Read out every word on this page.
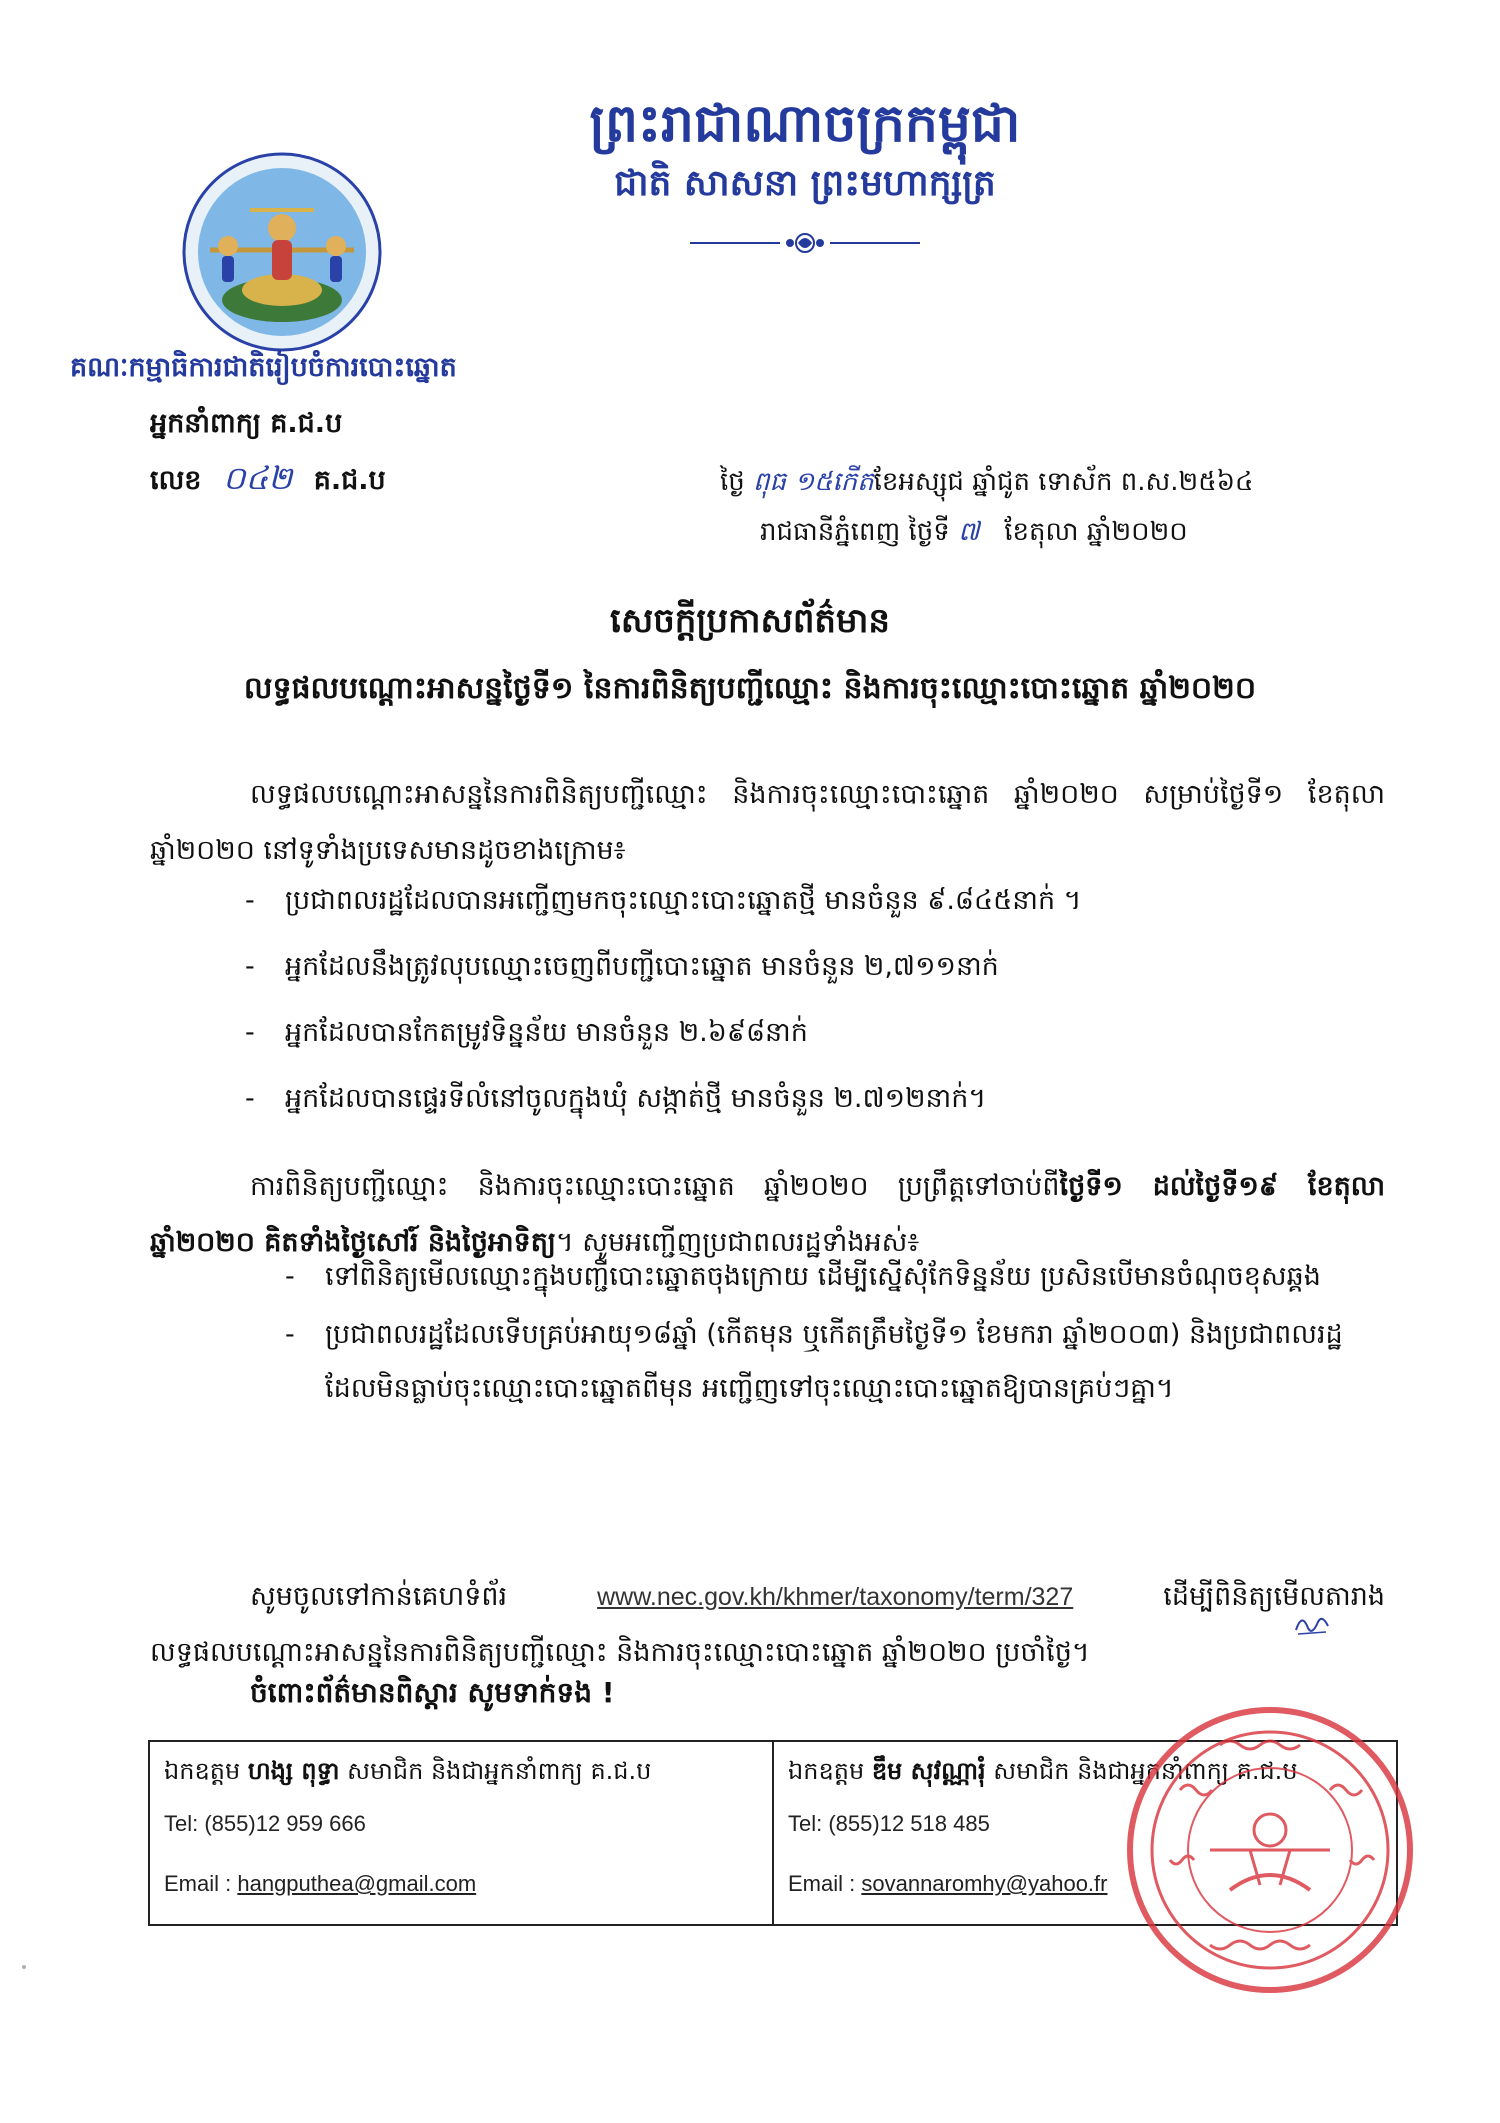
ព្រះរាជាណាចក្រកម្ពុជា
ជាតិ សាសនា ព្រះមហាក្សត្រ
គណៈកម្មាធិការជាតិរៀបចំការបោះឆ្នោត
អ្នកនាំពាក្យ គ.ជ.ប
លេខ ០៤២ គ.ជ.ប	ថ្ងៃ ពុធ ១៥កើតខែអស្សុជ ឆ្នាំជូត ទោស័ក ព.ស.២៥៦៤
រាជធានីភ្នំពេញ ថ្ងៃទី ៧ ខែតុលា ឆ្នាំ២០២០
សេចក្តីប្រកាសព័ត៌មាន
លទ្ធផលបណ្តោះអាសន្នថ្ងៃទី១ នៃការពិនិត្យបញ្ជីឈ្មោះ និងការចុះឈ្មោះបោះឆ្នោត ឆ្នាំ២០២០

លទ្ធផលបណ្តោះអាសន្ននៃការពិនិត្យបញ្ជីឈ្មោះ និងការចុះឈ្មោះបោះឆ្នោត ឆ្នាំ២០២០ សម្រាប់ថ្ងៃទី១ ខែតុលា ឆ្នាំ២០២០ នៅទូទាំងប្រទេសមានដូចខាងក្រោម៖

- ប្រជាពលរដ្ឋដែលបានអញ្ជើញមកចុះឈ្មោះបោះឆ្នោតថ្មី មានចំនួន ៩.៨៤៥នាក់ ។
- អ្នកដែលនឹងត្រូវលុបឈ្មោះចេញពីបញ្ជីបោះឆ្នោត មានចំនួន ២,៧១១នាក់
- អ្នកដែលបានកែតម្រូវទិន្នន័យ មានចំនួន ២.៦៩៨នាក់
- អ្នកដែលបានផ្ទេរទីលំនៅចូលក្នុងឃុំ សង្កាត់ថ្មី មានចំនួន ២.៧១២នាក់។

ការពិនិត្យបញ្ជីឈ្មោះ និងការចុះឈ្មោះបោះឆ្នោត ឆ្នាំ២០២០ ប្រព្រឹត្តទៅចាប់ពីថ្ងៃទី១ ដល់ថ្ងៃទី១៩ ខែតុលា ឆ្នាំ២០២០ គិតទាំងថ្ងៃសៅរ៍ និងថ្ងៃអាទិត្យ។ សូមអញ្ជើញប្រជាពលរដ្ឋទាំងអស់៖

- ទៅពិនិត្យមើលឈ្មោះក្នុងបញ្ជីបោះឆ្នោតចុងក្រោយ ដើម្បីស្នើសុំកែទិន្នន័យ ប្រសិនបើមានចំណុចខុសឆ្គង
- ប្រជាពលរដ្ឋដែលទើបគ្រប់អាយុ១៨ឆ្នាំ (កើតមុន ឬកើតត្រឹមថ្ងៃទី១ ខែមករា ឆ្នាំ២០០៣) និងប្រជាពលរដ្ឋដែលមិនធ្លាប់ចុះឈ្មោះបោះឆ្នោតពីមុន អញ្ជើញទៅចុះឈ្មោះបោះឆ្នោតឱ្យបានគ្រប់ៗគ្នា។

សូមចូលទៅកាន់គេហទំព័រ	www.nec.gov.kh/khmer/taxonomy/term/327	ដើម្បីពិនិត្យមើលតារាងលទ្ធផលបណ្តោះអាសន្ននៃការពិនិត្យបញ្ជីឈ្មោះ និងការចុះឈ្មោះបោះឆ្នោត ឆ្នាំ២០២០ ប្រចាំថ្ងៃ។

ចំពោះព័ត៌មានពិស្តារ សូមទាក់ទង !
ឯកឧត្តម ហង្ស ពុទ្ធា សមាជិក និងជាអ្នកនាំពាក្យ គ.ជ.ប
Tel: (855)12 959 666
Email : hangputhea@gmail.com
ឯកឧត្តម ឌឹម សុវណ្ណារុំ សមាជិក និងជាអ្នកនាំពាក្យ គ.ជ.ប
Tel: (855)12 518 485
Email : sovannaromhy@yahoo.fr
